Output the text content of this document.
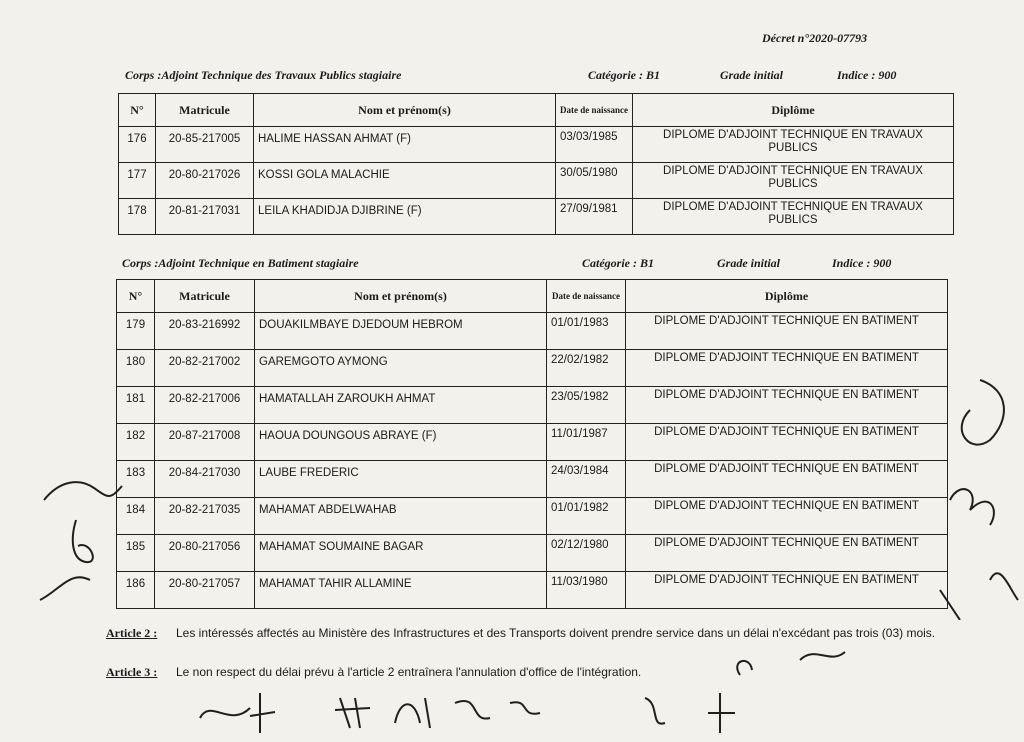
Décret n°2020-07793
Corps :Adjoint Technique des Travaux Publics stagiaire	Catégorie : B1	Grade initial	Indice : 900
N°	Matricule	Nom et prénom(s)	Date de naissance	Diplôme
176	20-85-217005	HALIME HASSAN AHMAT (F)	03/03/1985	DIPLOME D'ADJOINT TECHNIQUE EN TRAVAUX PUBLICS
177	20-80-217026	KOSSI GOLA MALACHIE	30/05/1980	DIPLOME D'ADJOINT TECHNIQUE EN TRAVAUX PUBLICS
178	20-81-217031	LEILA KHADIDJA DJIBRINE (F)	27/09/1981	DIPLOME D'ADJOINT TECHNIQUE EN TRAVAUX PUBLICS
Corps :Adjoint Technique en Batiment stagiaire	Catégorie : B1	Grade initial	Indice : 900
N°	Matricule	Nom et prénom(s)	Date de naissance	Diplôme
179	20-83-216992	DOUAKILMBAYE DJEDOUM HEBROM	01/01/1983	DIPLOME D'ADJOINT TECHNIQUE EN BATIMENT
180	20-82-217002	GAREMGOTO AYMONG	22/02/1982	DIPLOME D'ADJOINT TECHNIQUE EN BATIMENT
181	20-82-217006	HAMATALLAH ZAROUKH AHMAT	23/05/1982	DIPLOME D'ADJOINT TECHNIQUE EN BATIMENT
182	20-87-217008	HAOUA DOUNGOUS ABRAYE (F)	11/01/1987	DIPLOME D'ADJOINT TECHNIQUE EN BATIMENT
183	20-84-217030	LAUBE FREDERIC	24/03/1984	DIPLOME D'ADJOINT TECHNIQUE EN BATIMENT
184	20-82-217035	MAHAMAT ABDELWAHAB	01/01/1982	DIPLOME D'ADJOINT TECHNIQUE EN BATIMENT
185	20-80-217056	MAHAMAT SOUMAINE BAGAR	02/12/1980	DIPLOME D'ADJOINT TECHNIQUE EN BATIMENT
186	20-80-217057	MAHAMAT TAHIR ALLAMINE	11/03/1980	DIPLOME D'ADJOINT TECHNIQUE EN BATIMENT
Article 2 : Les intéressés affectés au Ministère des Infrastructures et des Transports doivent prendre service dans un délai n'excédant pas trois (03) mois.
Article 3 : Le non respect du délai prévu à l'article 2 entraînera l'annulation d'office de l'intégration.
